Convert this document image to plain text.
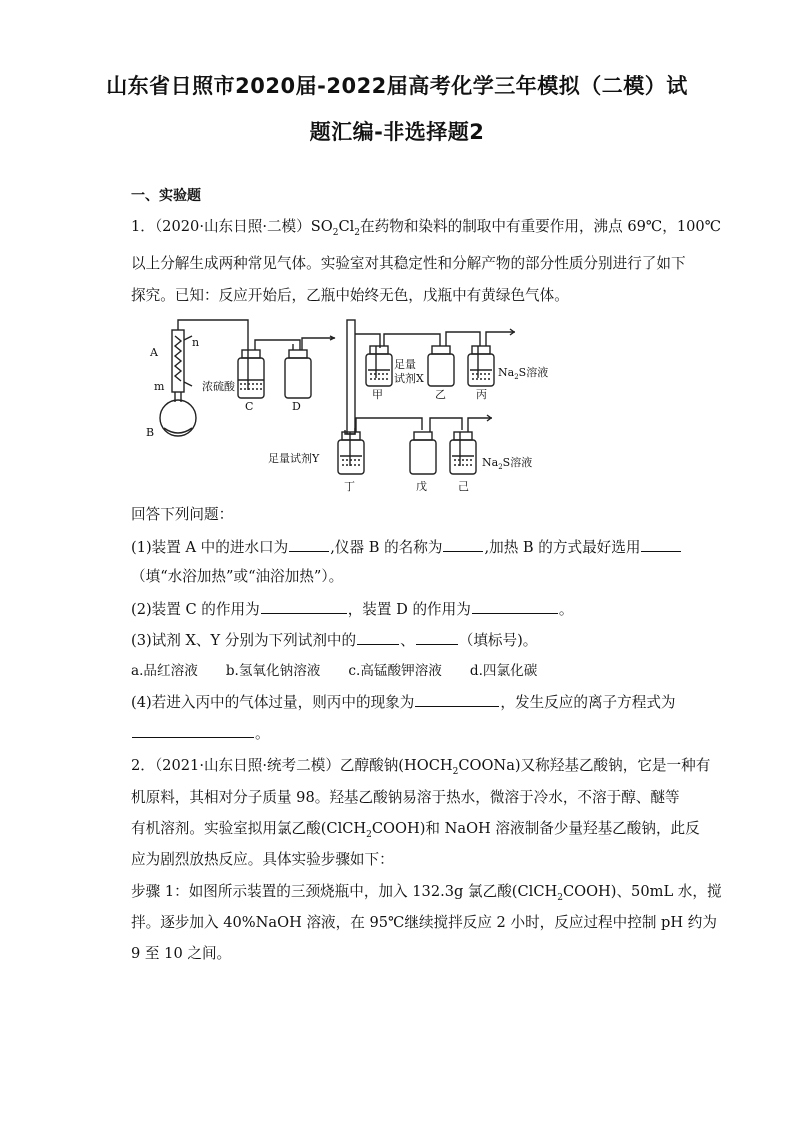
山东省日照市2020届-2022届高考化学三年模拟（二模）试
题汇编-非选择题2
一、实验题
1．（2020·山东日照·二模）$SO_2Cl_2$在药物和染料的制取中有重要作用，沸点 69℃，100℃
以上分解生成两种常见气体。实验室对其稳定性和分解产物的部分性质分别进行了如下
探究。已知：反应开始后，乙瓶中始终无色，戊瓶中有黄绿色气体。
A
n
m
B
浓硫酸
C	D
足量
试剂X
甲	乙	丙
$Na_2S$溶液
足量试剂Y
丁	戊	己
$Na_2S$溶液
回答下列问题：
(1)装置 A 中的进水口为	,仪器 B 的名称为	,加热 B 的方式最好选用
（填“水浴加热”或“油浴加热”）。
(2)装置 C 的作用为	，装置 D 的作用为	。
(3)试剂 X、Y 分别为下列试剂中的	、	（填标号)。
a.品红溶液 b.氢氧化钠溶液 c.高锰酸钾溶液 d.四氯化碳
(4)若进入丙中的气体过量，则丙中的现象为	，发生反应的离子方程式为
。
2．（2021·山东日照·统考二模）乙醇酸钠$(HOCH_2COONa)$又称羟基乙酸钠，它是一种有
机原料，其相对分子质量 98。羟基乙酸钠易溶于热水，微溶于冷水，不溶于醇、醚等
有机溶剂。实验室拟用氯乙酸(ClCH$_2$COOH)和 NaOH 溶液制备少量羟基乙酸钠，此反
应为剧烈放热反应。具体实验步骤如下：
步骤 1：如图所示装置的三颈烧瓶中，加入 132.3g 氯乙酸(ClCH$_2$COOH)、50mL 水，搅
拌。逐步加入 40%NaOH 溶液，在 95℃继续搅拌反应 2 小时，反应过程中控制 pH 约为
9 至 10 之间。
